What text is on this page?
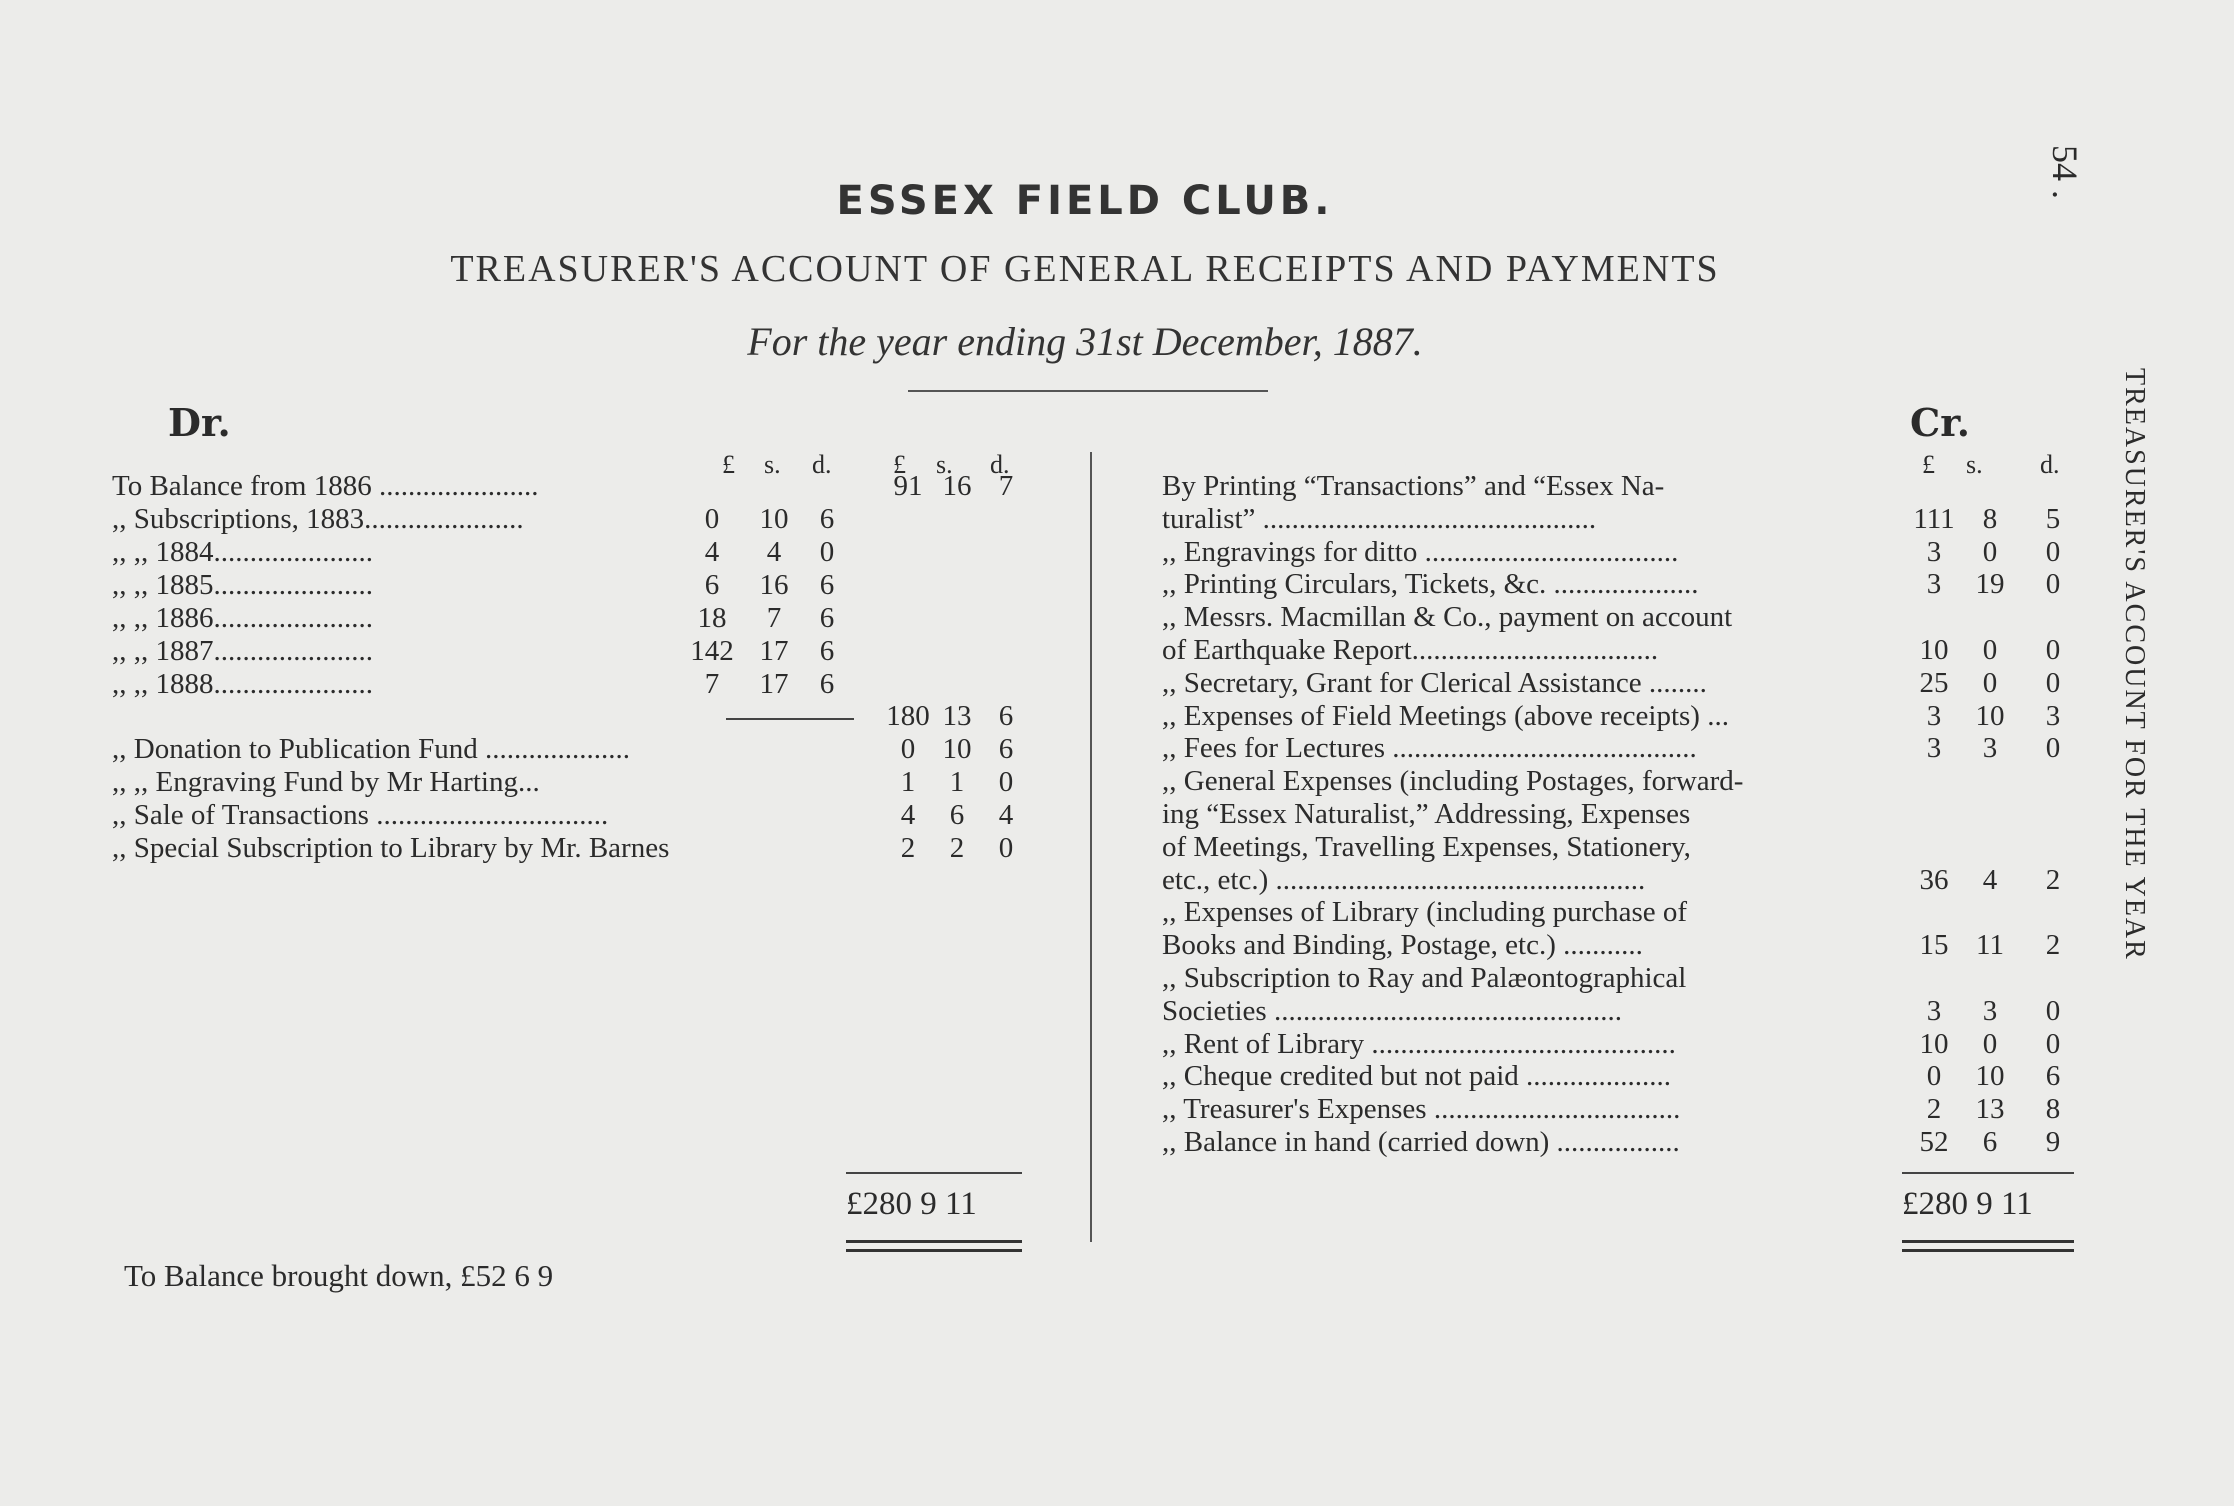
54 .
TREASURER'S ACCOUNT FOR THE YEAR
ESSEX FIELD CLUB.
TREASURER'S ACCOUNT OF GENERAL RECEIPTS AND PAYMENTS
For the year ending 31st December, 1887.
Dr.	Cr.
£ s. d. £ s. d.	£ s. d.
To Balance from 1886 ......................	91 16 7
,, Subscriptions, 1883......................	0	10 6
,, ,, 1884......................	4	4	0
,, ,, 1885......................	6	16 6
,, ,, 1886......................	18	7	6
,, ,, 1887......................	142 17 6
,, ,, 1888......................	7	17 6
180 13 6
,, Donation to Publication Fund ....................	0 10 6
,, ,, Engraving Fund by Mr Harting...	1	1	0
,, Sale of Transactions ................................	4	6	4
,, Special Subscription to Library by Mr. Barnes	2	2	0
By Printing “Transactions” and “Essex Na-
turalist” ..............................................	111 8	5
,, Engravings for ditto ...................................	3	0	0
,, Printing Circulars, Tickets, &c. ....................	3	19	0
,, Messrs. Macmillan & Co., payment on account
of Earthquake Report..................................	10	0	0
,, Secretary, Grant for Clerical Assistance ........	25	0	0
,, Expenses of Field Meetings (above receipts) ...	3	10	3
,, Fees for Lectures ..........................................	3	3	0
,, General Expenses (including Postages, forward-
ing “Essex Naturalist,” Addressing, Expenses
of Meetings, Travelling Expenses, Stationery,
etc., etc.) ...................................................	36	4	2
,, Expenses of Library (including purchase of
Books and Binding, Postage, etc.) ...........	15 11	2
,, Subscription to Ray and Palæontographical
Societies ................................................	3	3	0
,, Rent of Library ..........................................	10	0	0
,, Cheque credited but not paid ....................	0	10	6
,, Treasurer's Expenses ..................................	2	13	8
,, Balance in hand (carried down) .................	52	6	9
£280 9 11	£280 9 11
To Balance brought down, £52 6 9
